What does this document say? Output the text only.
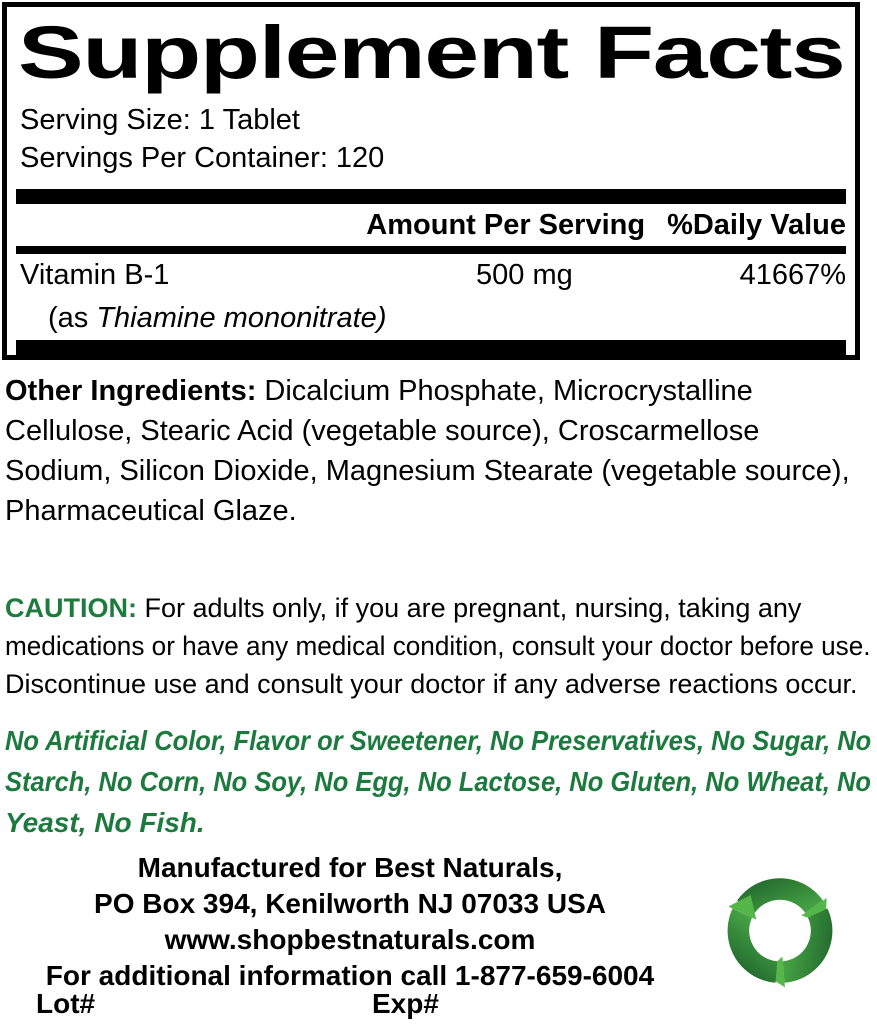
Supplement Facts
Serving Size: 1 Tablet
Servings Per Container: 120
Amount Per Serving %Daily Value
Vitamin B-1	500 mg	41667%
(as Thiamine mononitrate)
Other Ingredients: Dicalcium Phosphate, Microcrystalline
Cellulose, Stearic Acid (vegetable source), Croscarmellose
Sodium, Silicon Dioxide, Magnesium Stearate (vegetable source),
Pharmaceutical Glaze.
CAUTION: For adults only, if you are pregnant, nursing, taking any
medications or have any medical condition, consult your doctor before use.
Discontinue use and consult your doctor if any adverse reactions occur.
No Artificial Color, Flavor or Sweetener, No Preservatives, No Sugar, No
Starch, No Corn, No Soy, No Egg, No Lactose, No Gluten, No Wheat, No
Yeast, No Fish.
Manufactured for Best Naturals,
PO Box 394, Kenilworth NJ 07033 USA
www.shopbestnaturals.com
For additional information call 1-877-659-6004
Lot#	Exp#
